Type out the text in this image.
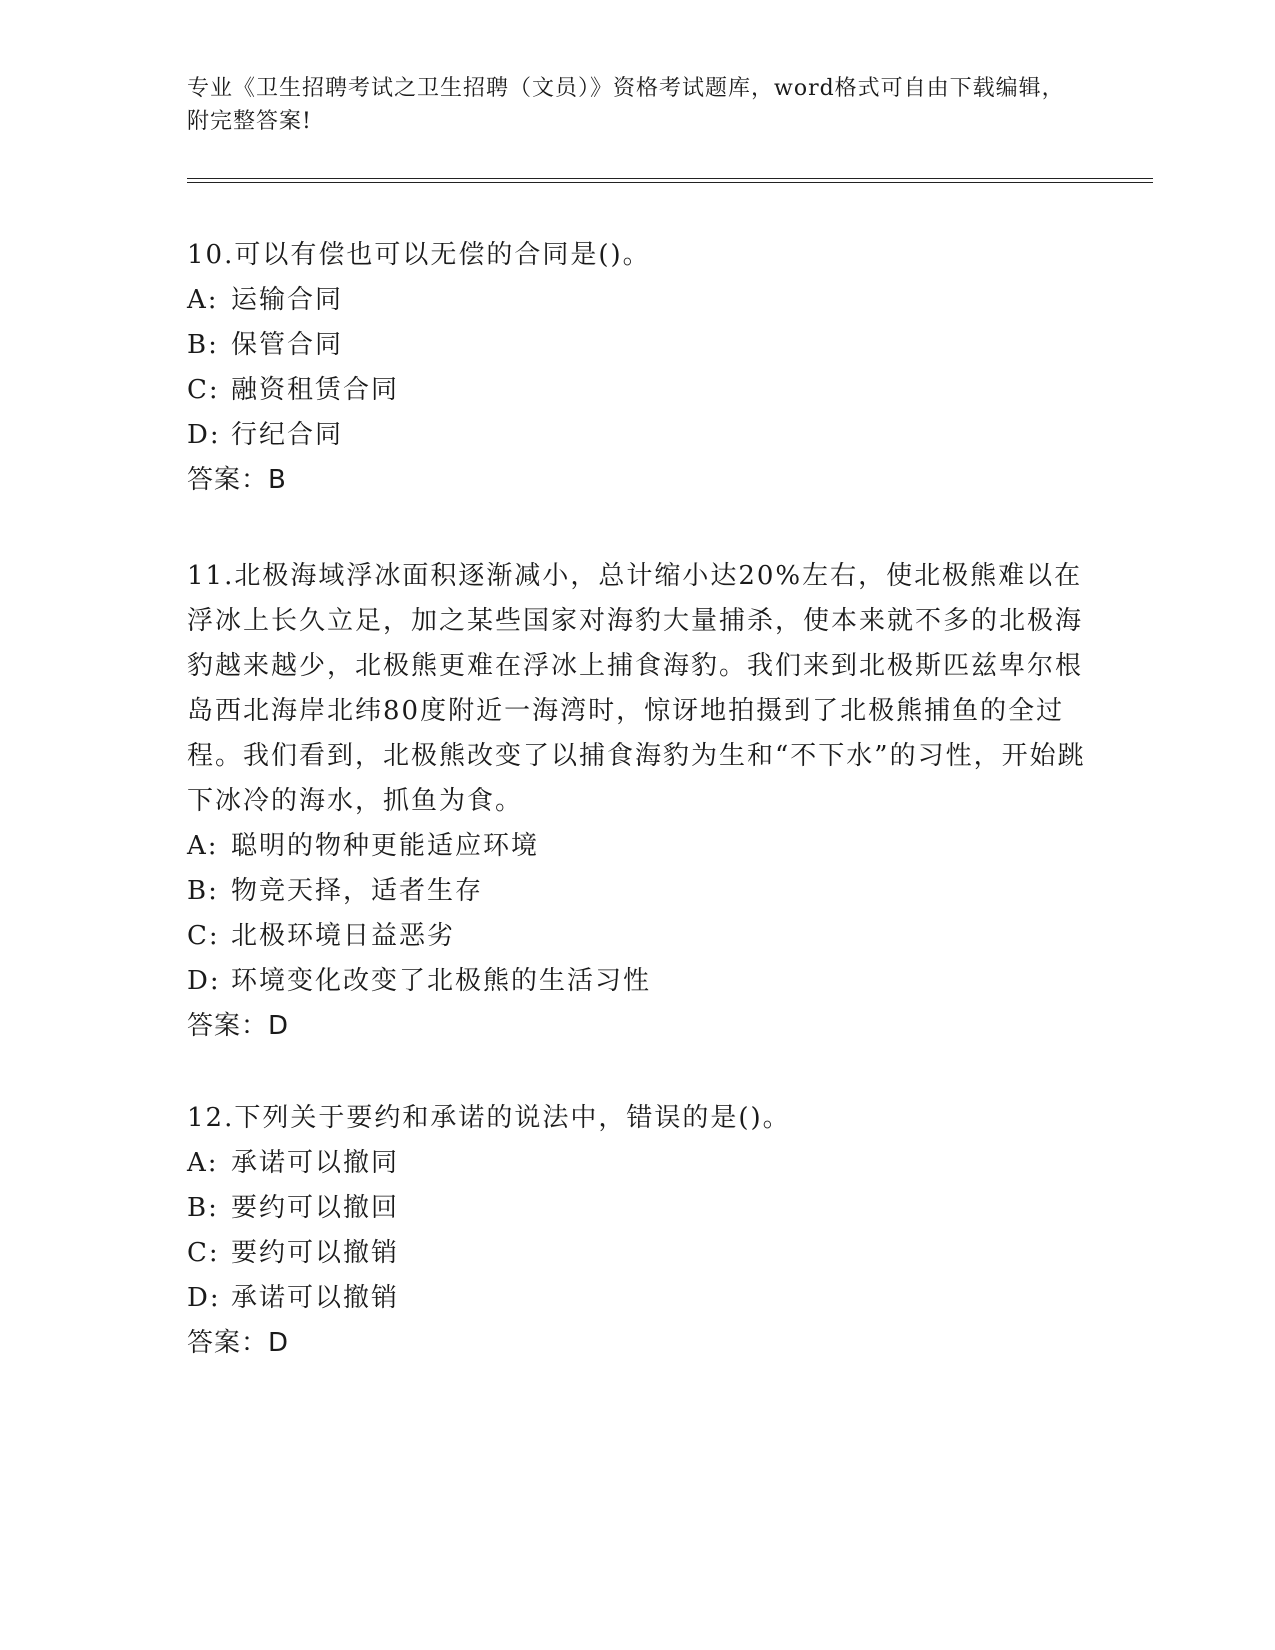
专业《卫生招聘考试之卫生招聘（文员）》资格考试题库，word格式可自由下载编辑，附完整答案!

10.可以有偿也可以无偿的合同是()。

A: 运输合同

B: 保管合同

C: 融资租赁合同

D: 行纪合同

答案：B

11.北极海域浮冰面积逐渐减小，总计缩小达20%左右，使北极熊难以在浮冰上长久立足，加之某些国家对海豹大量捕杀，使本来就不多的北极海豹越来越少，北极熊更难在浮冰上捕食海豹。我们来到北极斯匹兹卑尔根岛西北海岸北纬80度附近一海湾时，惊讶地拍摄到了北极熊捕鱼的全过程。我们看到，北极熊改变了以捕食海豹为生和“不下水”的习性，开始跳下冰冷的海水，抓鱼为食。

A: 聪明的物种更能适应环境

B: 物竞天择，适者生存

C: 北极环境日益恶劣

D: 环境变化改变了北极熊的生活习性

答案：D

12.下列关于要约和承诺的说法中，错误的是()。

A: 承诺可以撤同

B: 要约可以撤回

C: 要约可以撤销

D: 承诺可以撤销

答案：D
